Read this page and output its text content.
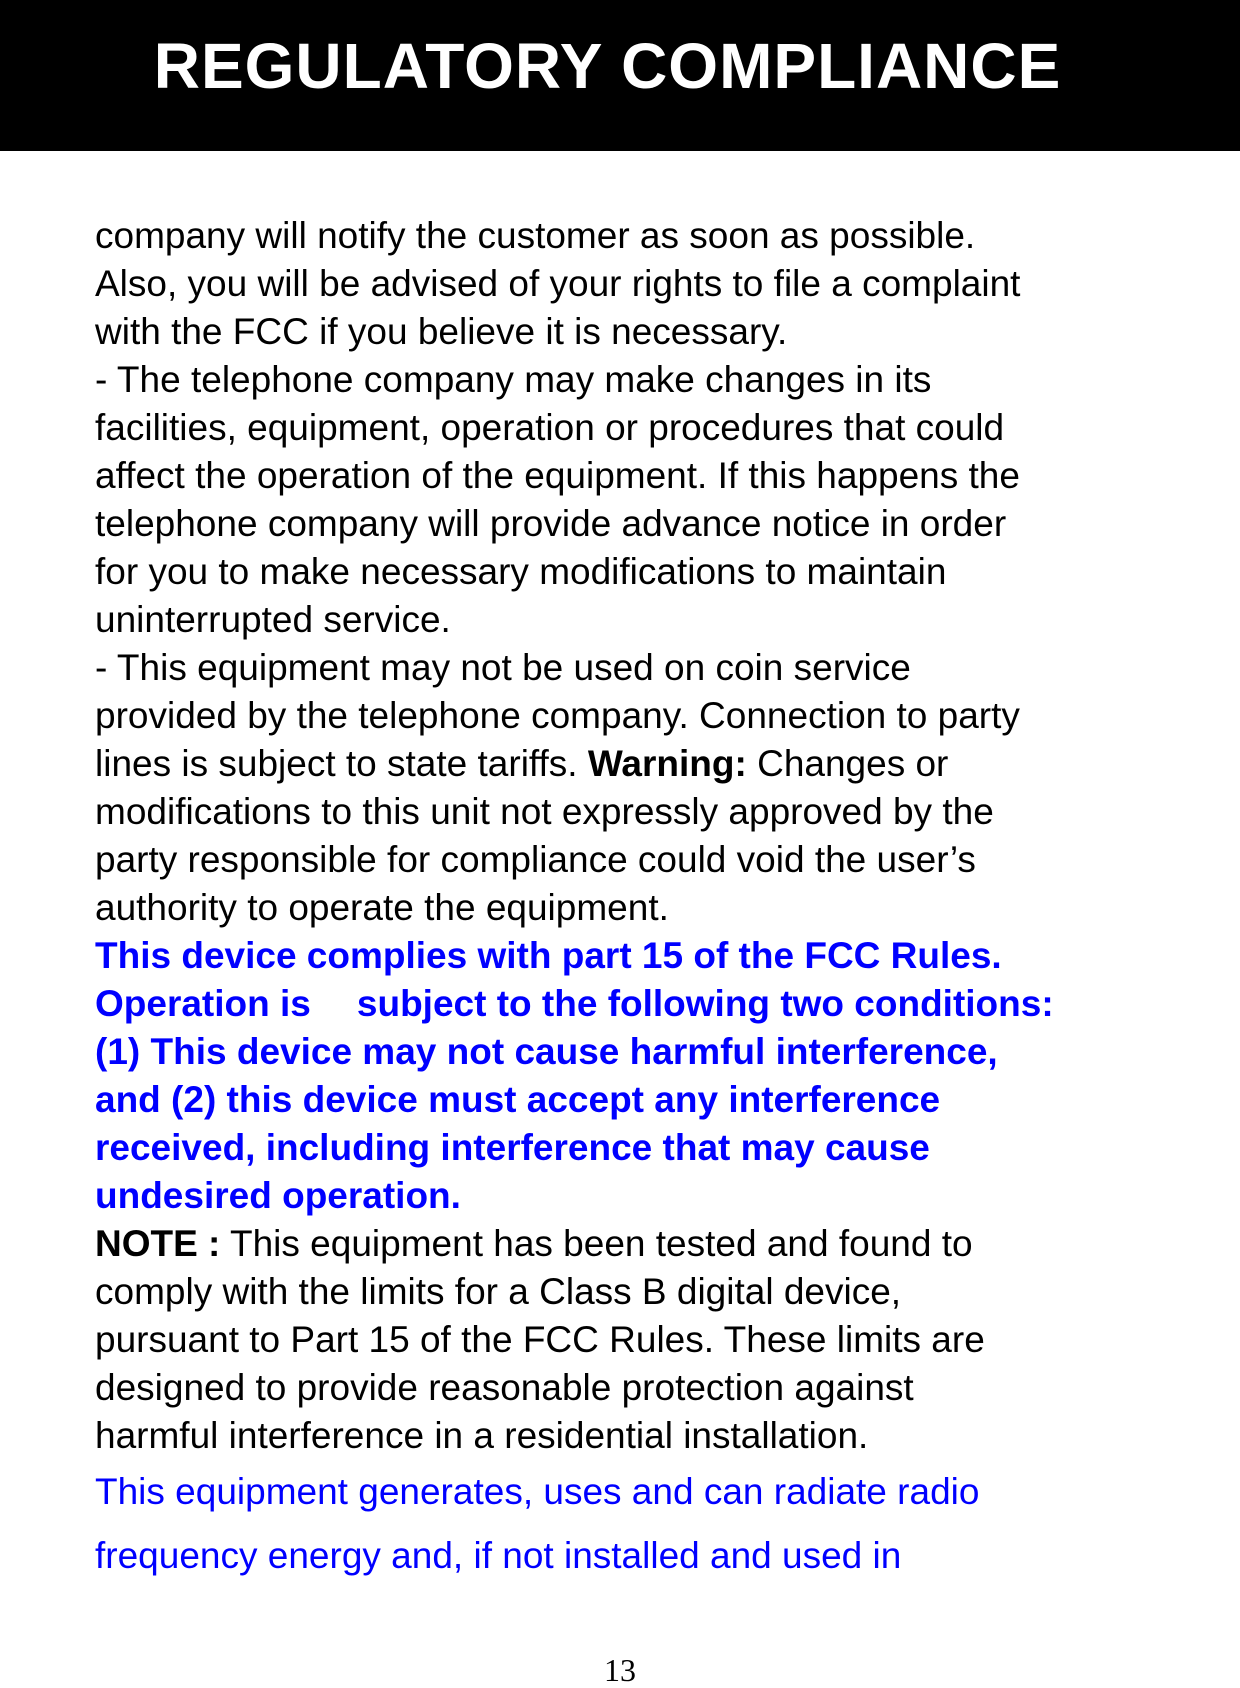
REGULATORY COMPLIANCE
company will notify the customer as soon as possible.
Also, you will be advised of your rights to file a complaint
with the FCC if you believe it is necessary.
- The telephone company may make changes in its
facilities, equipment, operation or procedures that could
affect the operation of the equipment. If this happens the
telephone company will provide advance notice in order
for you to make necessary modifications to maintain
uninterrupted service.
- This equipment may not be used on coin service
provided by the telephone company. Connection to party
lines is subject to state tariffs. Warning: Changes or
modifications to this unit not expressly approved by the
party responsible for compliance could void the user’s
authority to operate the equipment.
This device complies with part 15 of the FCC Rules.
Operation is subject to the following two conditions:
(1) This device may not cause harmful interference,
and (2) this device must accept any interference
received, including interference that may cause
undesired operation.
NOTE : This equipment has been tested and found to
comply with the limits for a Class B digital device,
pursuant to Part 15 of the FCC Rules. These limits are
designed to provide reasonable protection against
harmful interference in a residential installation.
This equipment generates, uses and can radiate radio
frequency energy and, if not installed and used in
13
